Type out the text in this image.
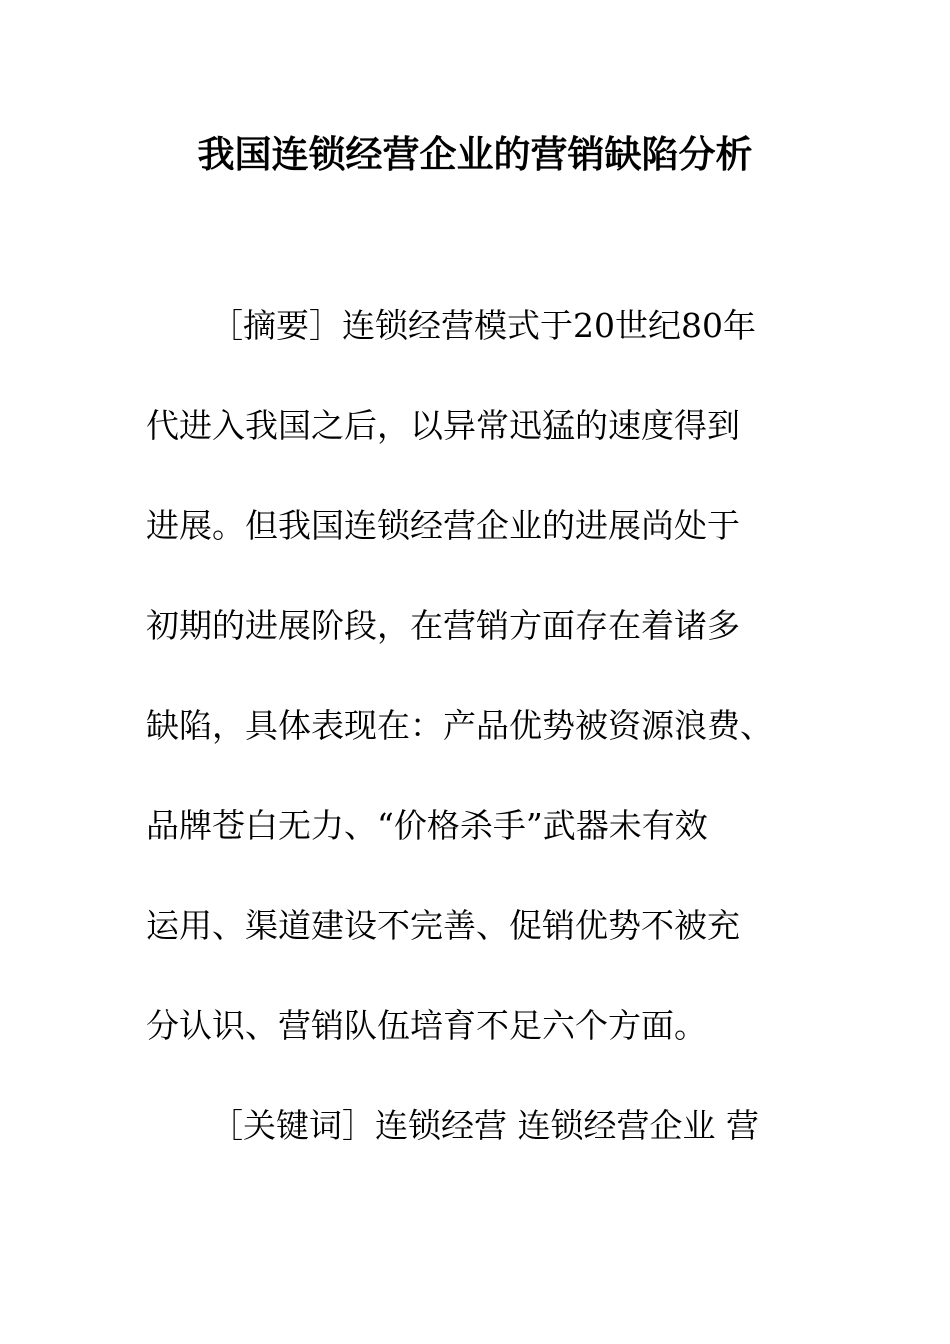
我国连锁经营企业的营销缺陷分析
［摘要］连锁经营模式于20世纪80年
代进入我国之后，以异常迅猛的速度得到
进展。但我国连锁经营企业的进展尚处于
初期的进展阶段，在营销方面存在着诸多
缺陷，具体表现在：产品优势被资源浪费、
品牌苍白无力、“价格杀手”武器未有效
运用、渠道建设不完善、促销优势不被充
分认识、营销队伍培育不足六个方面。
［关键词］连锁经营 连锁经营企业 营
